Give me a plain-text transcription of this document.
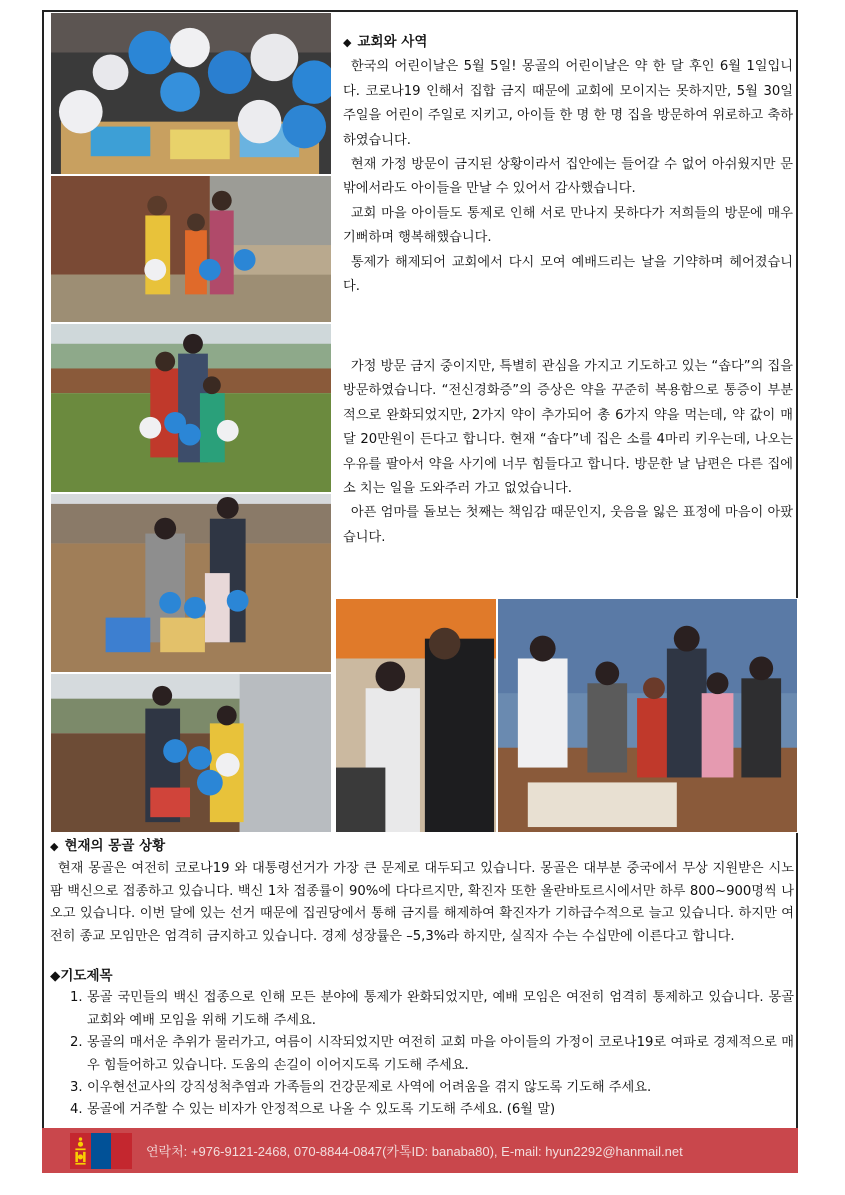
◆ 교회와 사역

한국의 어린이날은 5월 5일! 몽골의 어린이날은 약 한 달 후인 6월 1일입니다. 코로나19 인해서 집합 금지 때문에 교회에 모이지는 못하지만, 5월 30일 주일을 어린이 주일로 지키고, 아이들 한 명 한 명 집을 방문하여 위로하고 축하하였습니다.

현재 가정 방문이 금지된 상황이라서 집안에는 들어갈 수 없어 아쉬웠지만 문밖에서라도 아이들을 만날 수 있어서 감사했습니다.

교회 마을 아이들도 통제로 인해 서로 만나지 못하다가 저희들의 방문에 매우 기뻐하며 행복해했습니다.

통제가 해제되어 교회에서 다시 모여 예배드리는 날을 기약하며 헤어졌습니다.

가정 방문 금지 중이지만, 특별히 관심을 가지고 기도하고 있는 “솝다”의 집을 방문하였습니다. “전신경화증”의 증상은 약을 꾸준히 복용함으로 통증이 부분적으로 완화되었지만, 2가지 약이 추가되어 총 6가지 약을 먹는데, 약 값이 매달 20만원이 든다고 합니다. 현재 “솝다”네 집은 소를 4마리 키우는데, 나오는 우유를 팔아서 약을 사기에 너무 힘들다고 합니다. 방문한 날 남편은 다른 집에 소 치는 일을 도와주러 가고 없었습니다.

아픈 엄마를 돌보는 첫째는 책임감 때문인지, 웃음을 잃은 표정에 마음이 아팠습니다.

◆ 현재의 몽골 상황

현재 몽골은 여전히 코로나19 와 대통령선거가 가장 큰 문제로 대두되고 있습니다. 몽골은 대부분 중국에서 무상 지원받은 시노팜 백신으로 접종하고 있습니다. 백신 1차 접종률이 90%에 다다르지만, 확진자 또한 울란바토르시에서만 하루 800~900명씩 나오고 있습니다. 이번 달에 있는 선거 때문에 집권당에서 통해 금지를 해제하여 확진자가 기하급수적으로 늘고 있습니다. 하지만 여전히 종교 모임만은 엄격히 금지하고 있습니다. 경제 성장률은 –5,3%라 하지만, 실직자 수는 수십만에 이른다고 합니다.

◆기도제목
1. 몽골 국민들의 백신 접종으로 인해 모든 분야에 통제가 완화되었지만, 예배 모임은 여전히 엄격히 통제하고 있습니다. 몽골 교회와 예배 모임을 위해 기도해 주세요.
2. 몽골의 매서운 추위가 물러가고, 여름이 시작되었지만 여전히 교회 마을 아이들의 가정이 코로나19로 여파로 경제적으로 매우 힘들어하고 있습니다. 도움의 손길이 이어지도록 기도해 주세요.
3. 이우현선교사의 강직성척추염과 가족들의 건강문제로 사역에 어려움을 겪지 않도록 기도해 주세요.
4. 몽골에 거주할 수 있는 비자가 안정적으로 나올 수 있도록 기도해 주세요. (6월 말)
연락처: +976-9121-2468, 070-8844-0847(카톡ID: banaba80), E-mail: hyun2292@hanmail.net
